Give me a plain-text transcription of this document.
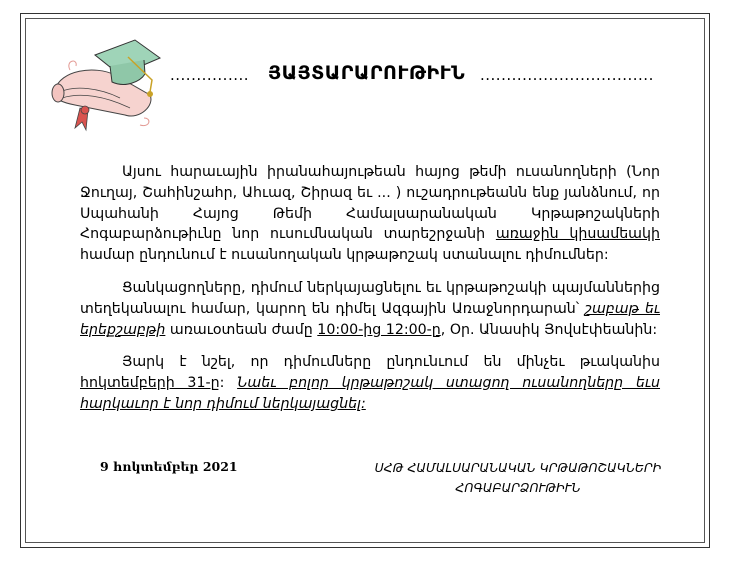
............... ՅԱՅՏԱՐԱՐՈՒԹԻՒՆ .................................

Այսու հարաւային իրանահայութեան հայոց թեմի ուսանողների (Նոր Ջուղայ, Շահինշահր, Ահւազ, Շիրազ եւ ... ) ուշադրութեանն ենք յանձնում, որ Սպահանի Հայոց Թեմի Համալսարանական Կրթաթոշակների Հոգաբարձութիւնը նոր ուսումնական տարեշրջանի առաջին կիսամեակի համար ընդունում է ուսանողական կրթաթոշակ ստանալու դիմումներ:

Ցանկացողները, դիմում ներկայացնելու եւ կրթաթոշակի պայմաններից տեղեկանալու համար, կարող են դիմել Ազգային Առաջնորդարան՝ շաբաթ եւ երեքշաբթի առաւօտեան ժամը 10:00-ից 12:00-ը, Օր. Անասիկ Յովսէփեանին:

Յարկ է նշել, որ դիմումները ընդունւում են մինչեւ թւականիս հոկտեմբերի 31-ը: Նաեւ բոլոր կրթաթոշակ ստացող ուսանողները եւս հարկաւոր է նոր դիմում ներկայացնել:

9 հոկտեմբեր 2021	ՍՀԹ ՀԱՄԱԼՍԱՐԱՆԱԿԱՆ ԿՐԹԱԹՈՇԱԿՆԵՐԻ
ՀՈԳԱԲԱՐՁՈՒԹԻՒՆ
